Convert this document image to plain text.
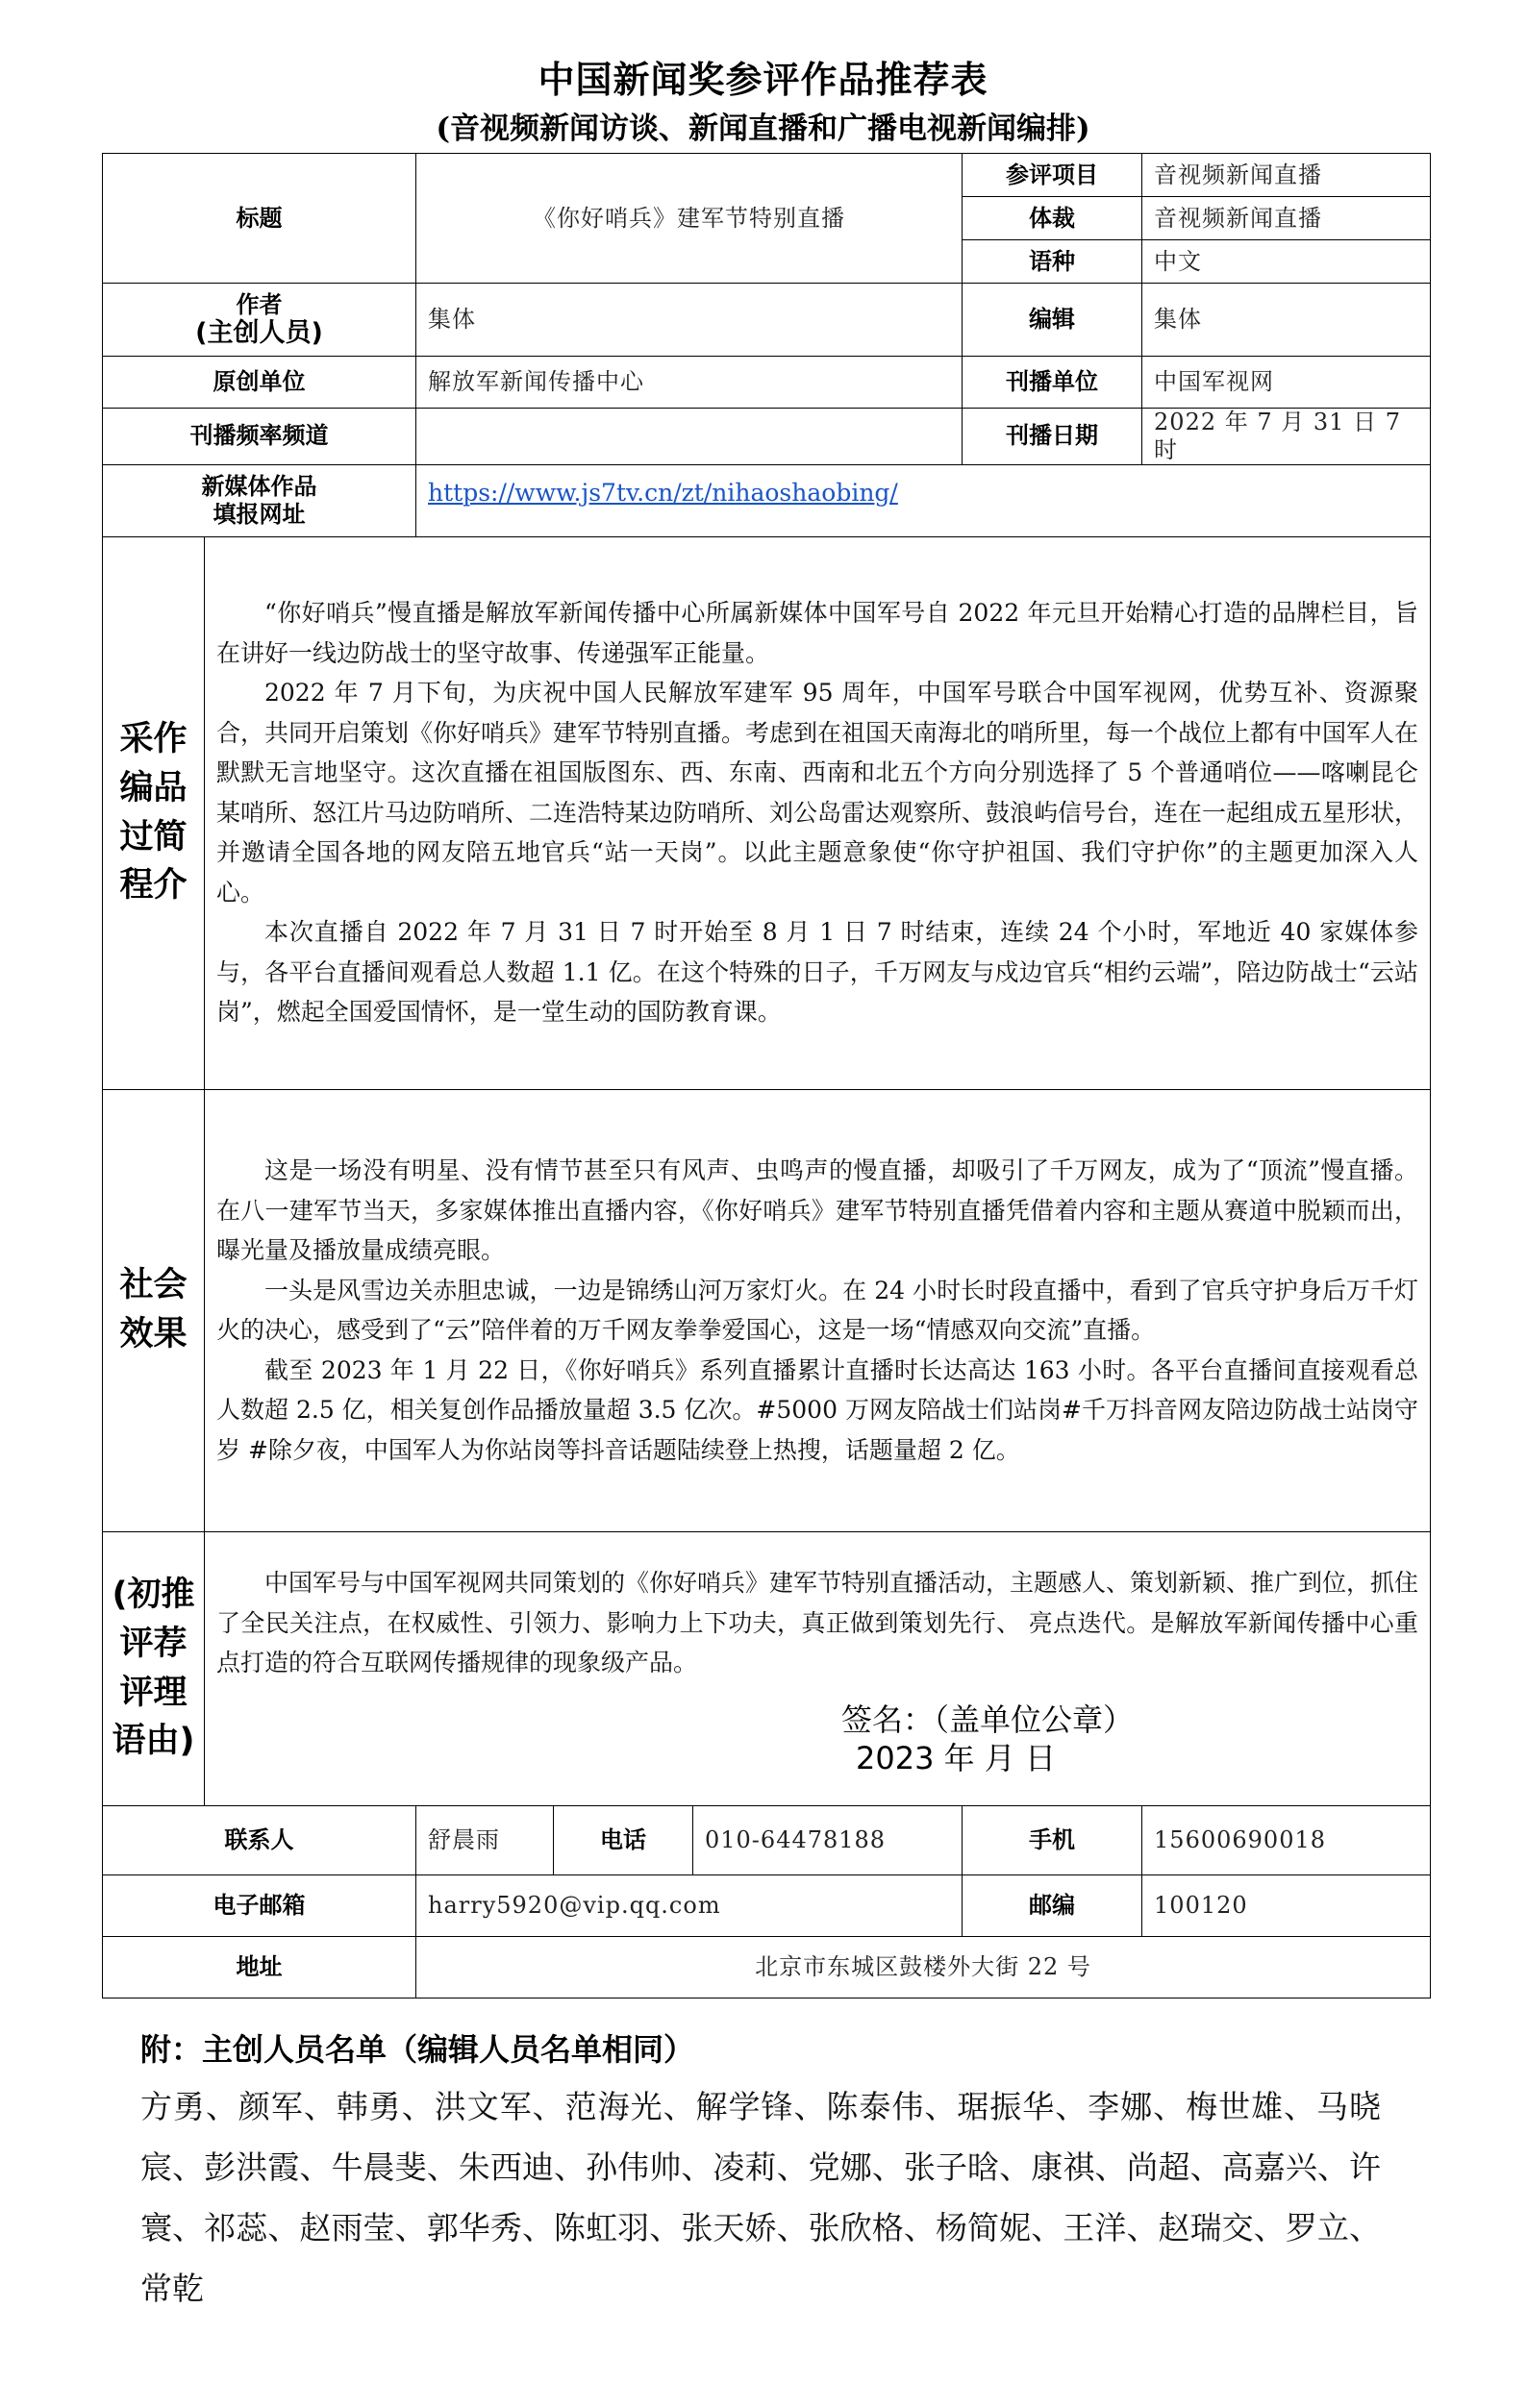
中国新闻奖参评作品推荐表
(音视频新闻访谈、新闻直播和广播电视新闻编排)
标题		《你好哨兵》建军节特别直播			参评项目	音视频新闻直播
					体裁	音视频新闻直播
					语种	中文
作者
(主创人员)		集体			编辑	集体
原创单位		解放军新闻传播中心			刊播单位	中国军视网
刊播频率频道					刊播日期	2022 年 7 月 31 日 7 时

新媒体作品
填报网址		https://www.js7tv.cn/zt/nihaoshaobing/				
采作编品过简程介	“你好哨兵”慢直播是解放军新闻传播中心所属新媒体中国军号自 2022 年元旦开始精心打造的品牌栏目，旨在讲好一线边防战士的坚守故事、传递强军正能量。

2022 年 7 月下旬，为庆祝中国人民解放军建军 95 周年，中国军号联合中国军视网，优势互补、资源聚合，共同开启策划《你好哨兵》建军节特别直播。考虑到在祖国天南海北的哨所里，每一个战位上都有中国军人在默默无言地坚守。这次直播在祖国版图东、西、东南、西南和北五个方向分别选择了 5 个普通哨位——喀喇昆仑某哨所、怒江片马边防哨所、二连浩特某边防哨所、刘公岛雷达观察所、鼓浪屿信号台，连在一起组成五星形状，并邀请全国各地的网友陪五地官兵“站一天岗”。以此主题意象使“你守护祖国、我们守护你”的主题更加深入人心。

本次直播自 2022 年 7 月 31 日 7 时开始至 8 月 1 日 7 时结束，连续 24 个小时，军地近 40 家媒体参与，各平台直播间观看总人数超 1.1 亿。在这个特殊的日子，千万网友与戍边官兵“相约云端”，陪边防战士“云站岗”，燃起全国爱国情怀，是一堂生动的国防教育课。					

社会效果	这是一场没有明星、没有情节甚至只有风声、虫鸣声的慢直播，却吸引了千万网友，成为了“顶流”慢直播。在八一建军节当天，多家媒体推出直播内容，《你好哨兵》建军节特别直播凭借着内容和主题从赛道中脱颖而出，曝光量及播放量成绩亮眼。

一头是风雪边关赤胆忠诚，一边是锦绣山河万家灯火。在 24 小时长时段直播中，看到了官兵守护身后万千灯火的决心，感受到了“云”陪伴着的万千网友拳拳爱国心，这是一场“情感双向交流”直播。

截至 2023 年 1 月 22 日，《你好哨兵》系列直播累计直播时长达高达 163 小时。各平台直播间直接观看总人数超 2.5 亿，相关复创作品播放量超 3.5 亿次。#5000 万网友陪战士们站岗#千万抖音网友陪边防战士站岗守岁 #除夕夜，中国军人为你站岗等抖音话题陆续登上热搜，话题量超 2 亿。					

(初推评荐评理语由)	中国军号与中国军视网共同策划的《你好哨兵》建军节特别直播活动，主题感人、策划新颖、推广到位，抓住了全民关注点，在权威性、引领力、影响力上下功夫，真正做到策划先行、 亮点迭代。是解放军新闻传播中心重点打造的符合互联网传播规律的现象级产品。

签名：（盖单位公章）
2023 年 月 日					

联系人		舒晨雨	电话	010-64478188	手机	15600690018
电子邮箱		harry5920@vip.qq.com			邮编	100120
地址		北京市东城区鼓楼外大街 22 号				
附：主创人员名单（编辑人员名单相同）
方勇、颜军、韩勇、洪文军、范海光、解学锋、陈泰伟、琚振华、李娜、梅世雄、马晓宸、彭洪霞、牛晨斐、朱西迪、孙伟帅、凌莉、党娜、张子晗、康祺、尚超、高嘉兴、许寰、祁蕊、赵雨莹、郭华秀、陈虹羽、张天娇、张欣格、杨简妮、王洋、赵瑞交、罗立、常乾
